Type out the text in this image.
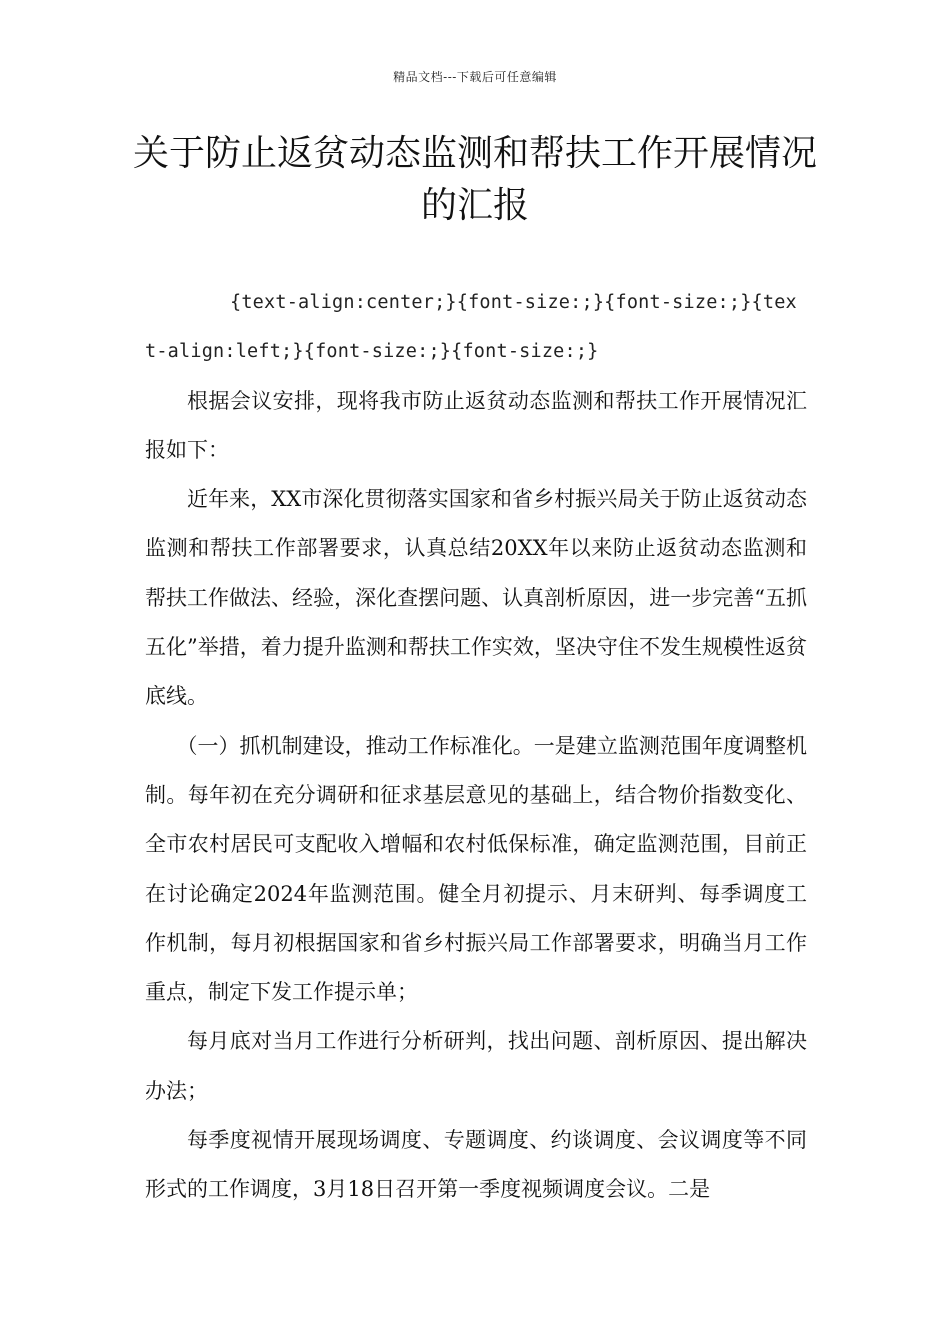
精品文档---下载后可任意编辑
关于防止返贫动态监测和帮扶工作开展情况的汇报

{text-align:center;}{font-size:;}{font-size:;}{text-align:left;}{font-size:;}{font-size:;}

根据会议安排，现将我市防止返贫动态监测和帮扶工作开展情况汇报如下：

近年来，XX市深化贯彻落实国家和省乡村振兴局关于防止返贫动态监测和帮扶工作部署要求，认真总结20XX年以来防止返贫动态监测和帮扶工作做法、经验，深化查摆问题、认真剖析原因，进一步完善“五抓五化”举措，着力提升监测和帮扶工作实效，坚决守住不发生规模性返贫底线。

（一）抓机制建设，推动工作标准化。一是建立监测范围年度调整机制。每年初在充分调研和征求基层意见的基础上，结合物价指数变化、全市农村居民可支配收入增幅和农村低保标准，确定监测范围，目前正在讨论确定2024年监测范围。健全月初提示、月末研判、每季调度工作机制，每月初根据国家和省乡村振兴局工作部署要求，明确当月工作重点，制定下发工作提示单；

每月底对当月工作进行分析研判，找出问题、剖析原因、提出解决办法；

每季度视情开展现场调度、专题调度、约谈调度、会议调度等不同形式的工作调度，3月18日召开第一季度视频调度会议。二是
